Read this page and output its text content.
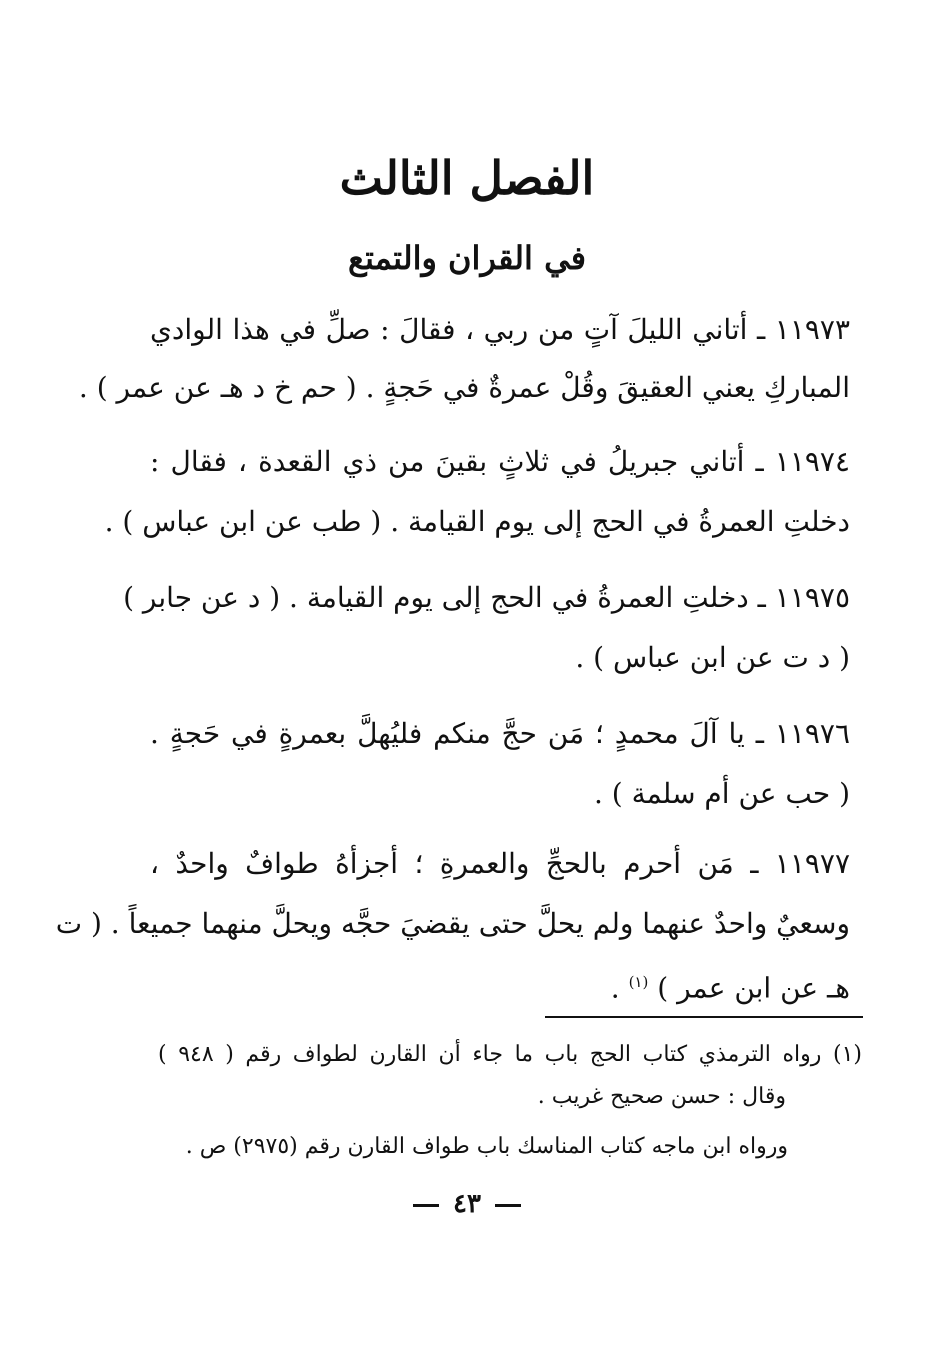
الفصل الثالث
في القران والتمتع
١١٩٧٣ ـ أتاني الليلَ آتٍ من ربي ، فقالَ : صلِّ في هذا الوادي
المباركِ يعني العقيقَ وقُلْ عمرةٌ في حَجةٍ . ( حم خ د هـ عن عمر ) .
١١٩٧٤ ـ أتاني جبريلُ في ثلاثٍ بقينَ من ذي القعدة ، فقال :
دخلتِ العمرةُ في الحج إلى يوم القيامة . ( طب عن ابن عباس ) .
١١٩٧٥ ـ دخلتِ العمرةُ في الحج إلى يوم القيامة . ( د عن جابر )
( د ت عن ابن عباس ) .
١١٩٧٦ ـ يا آلَ محمدٍ ؛ مَن حجَّ منكم فليُهلَّ بعمرةٍ في حَجةٍ .
( حب عن أم سلمة ) .
١١٩٧٧ ـ مَن أحرم بالحجِّ والعمرةِ ؛ أجزأهُ طوافٌ واحدٌ ،
وسعيٌ واحدٌ عنهما ولم يحلَّ حتى يقضيَ حجَّه ويحلَّ منهما جميعاً . ( ت
هـ عن ابن عمر ) $^{(١)}$ .
(١) رواه الترمذي كتاب الحج باب ما جاء أن القارن لطواف رقم ( ٩٤٨ )
وقال : حسن صحيح غريب .
ورواه ابن ماجه كتاب المناسك باب طواف القارن رقم (٢٩٧٥) ص .
٤٣
